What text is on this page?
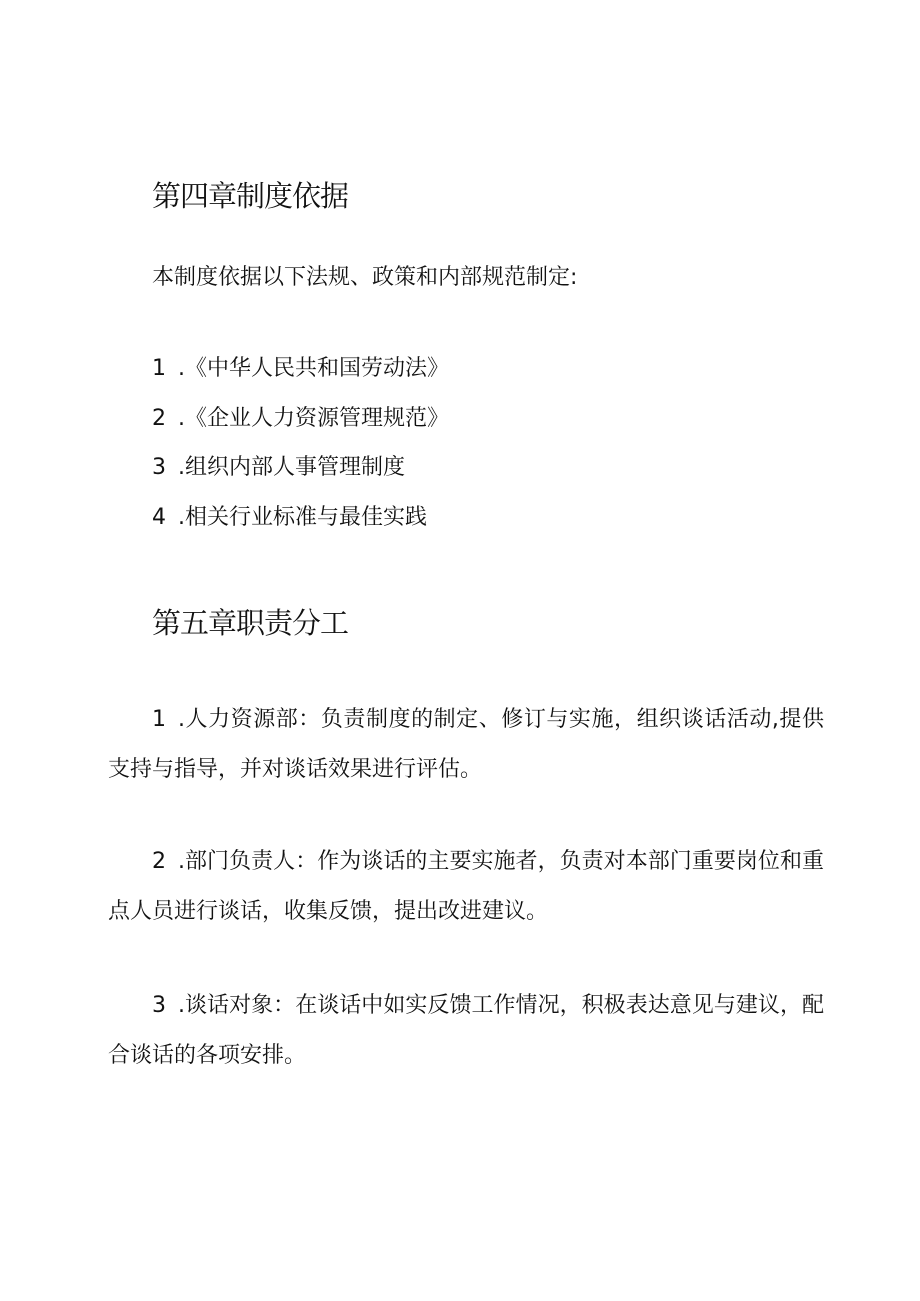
第四章制度依据

本制度依据以下法规、政策和内部规范制定:

1 .《中华人民共和国劳动法》
2 .《企业人力资源管理规范》
3 .组织内部人事管理制度
4 .相关行业标准与最佳实践
第五章职责分工

1 .人力资源部：负责制度的制定、修订与实施，组织谈话活动,提供支持与指导，并对谈话效果进行评估。

2 .部门负责人：作为谈话的主要实施者，负责对本部门重要岗位和重点人员进行谈话，收集反馈，提出改进建议。

3 .谈话对象：在谈话中如实反馈工作情况，积极表达意见与建议，配合谈话的各项安排。
